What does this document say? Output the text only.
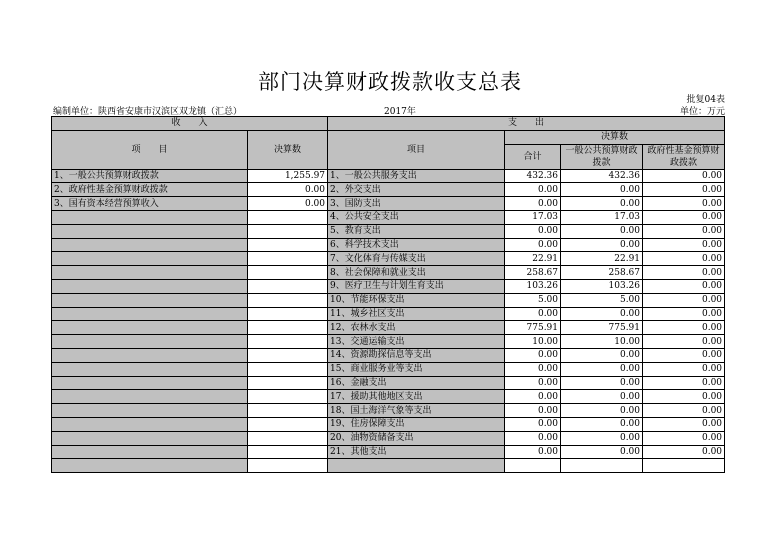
部门决算财政拨款收支总表
批复04表
编制单位：陕西省安康市汉滨区双龙镇（汇总）	2017年	单位：万元
收　　入		支　　出			
项　　目	决算数	项目	决算数		
			合计	一般公共预算财政拨款	政府性基金预算财政拨款

1、一般公共预算财政拨款	1,255.97	1、一般公共服务支出	432.36	432.36	0.00
2、政府性基金预算财政拨款	0.00	2、外交支出	0.00	0.00	0.00
3、国有资本经营预算收入	0.00	3、国防支出	0.00	0.00	0.00
		4、公共安全支出	17.03	17.03	0.00
		5、教育支出	0.00	0.00	0.00
		6、科学技术支出	0.00	0.00	0.00
		7、文化体育与传媒支出	22.91	22.91	0.00
		8、社会保障和就业支出	258.67	258.67	0.00
		9、医疗卫生与计划生育支出	103.26	103.26	0.00
		10、节能环保支出	5.00	5.00	0.00
		11、城乡社区支出	0.00	0.00	0.00
		12、农林水支出	775.91	775.91	0.00
		13、交通运输支出	10.00	10.00	0.00
		14、资源勘探信息等支出	0.00	0.00	0.00
		15、商业服务业等支出	0.00	0.00	0.00
		16、金融支出	0.00	0.00	0.00
		17、援助其他地区支出	0.00	0.00	0.00
		18、国土海洋气象等支出	0.00	0.00	0.00
		19、住房保障支出	0.00	0.00	0.00
		20、油物资储备支出	0.00	0.00	0.00
		21、其他支出	0.00	0.00	0.00
